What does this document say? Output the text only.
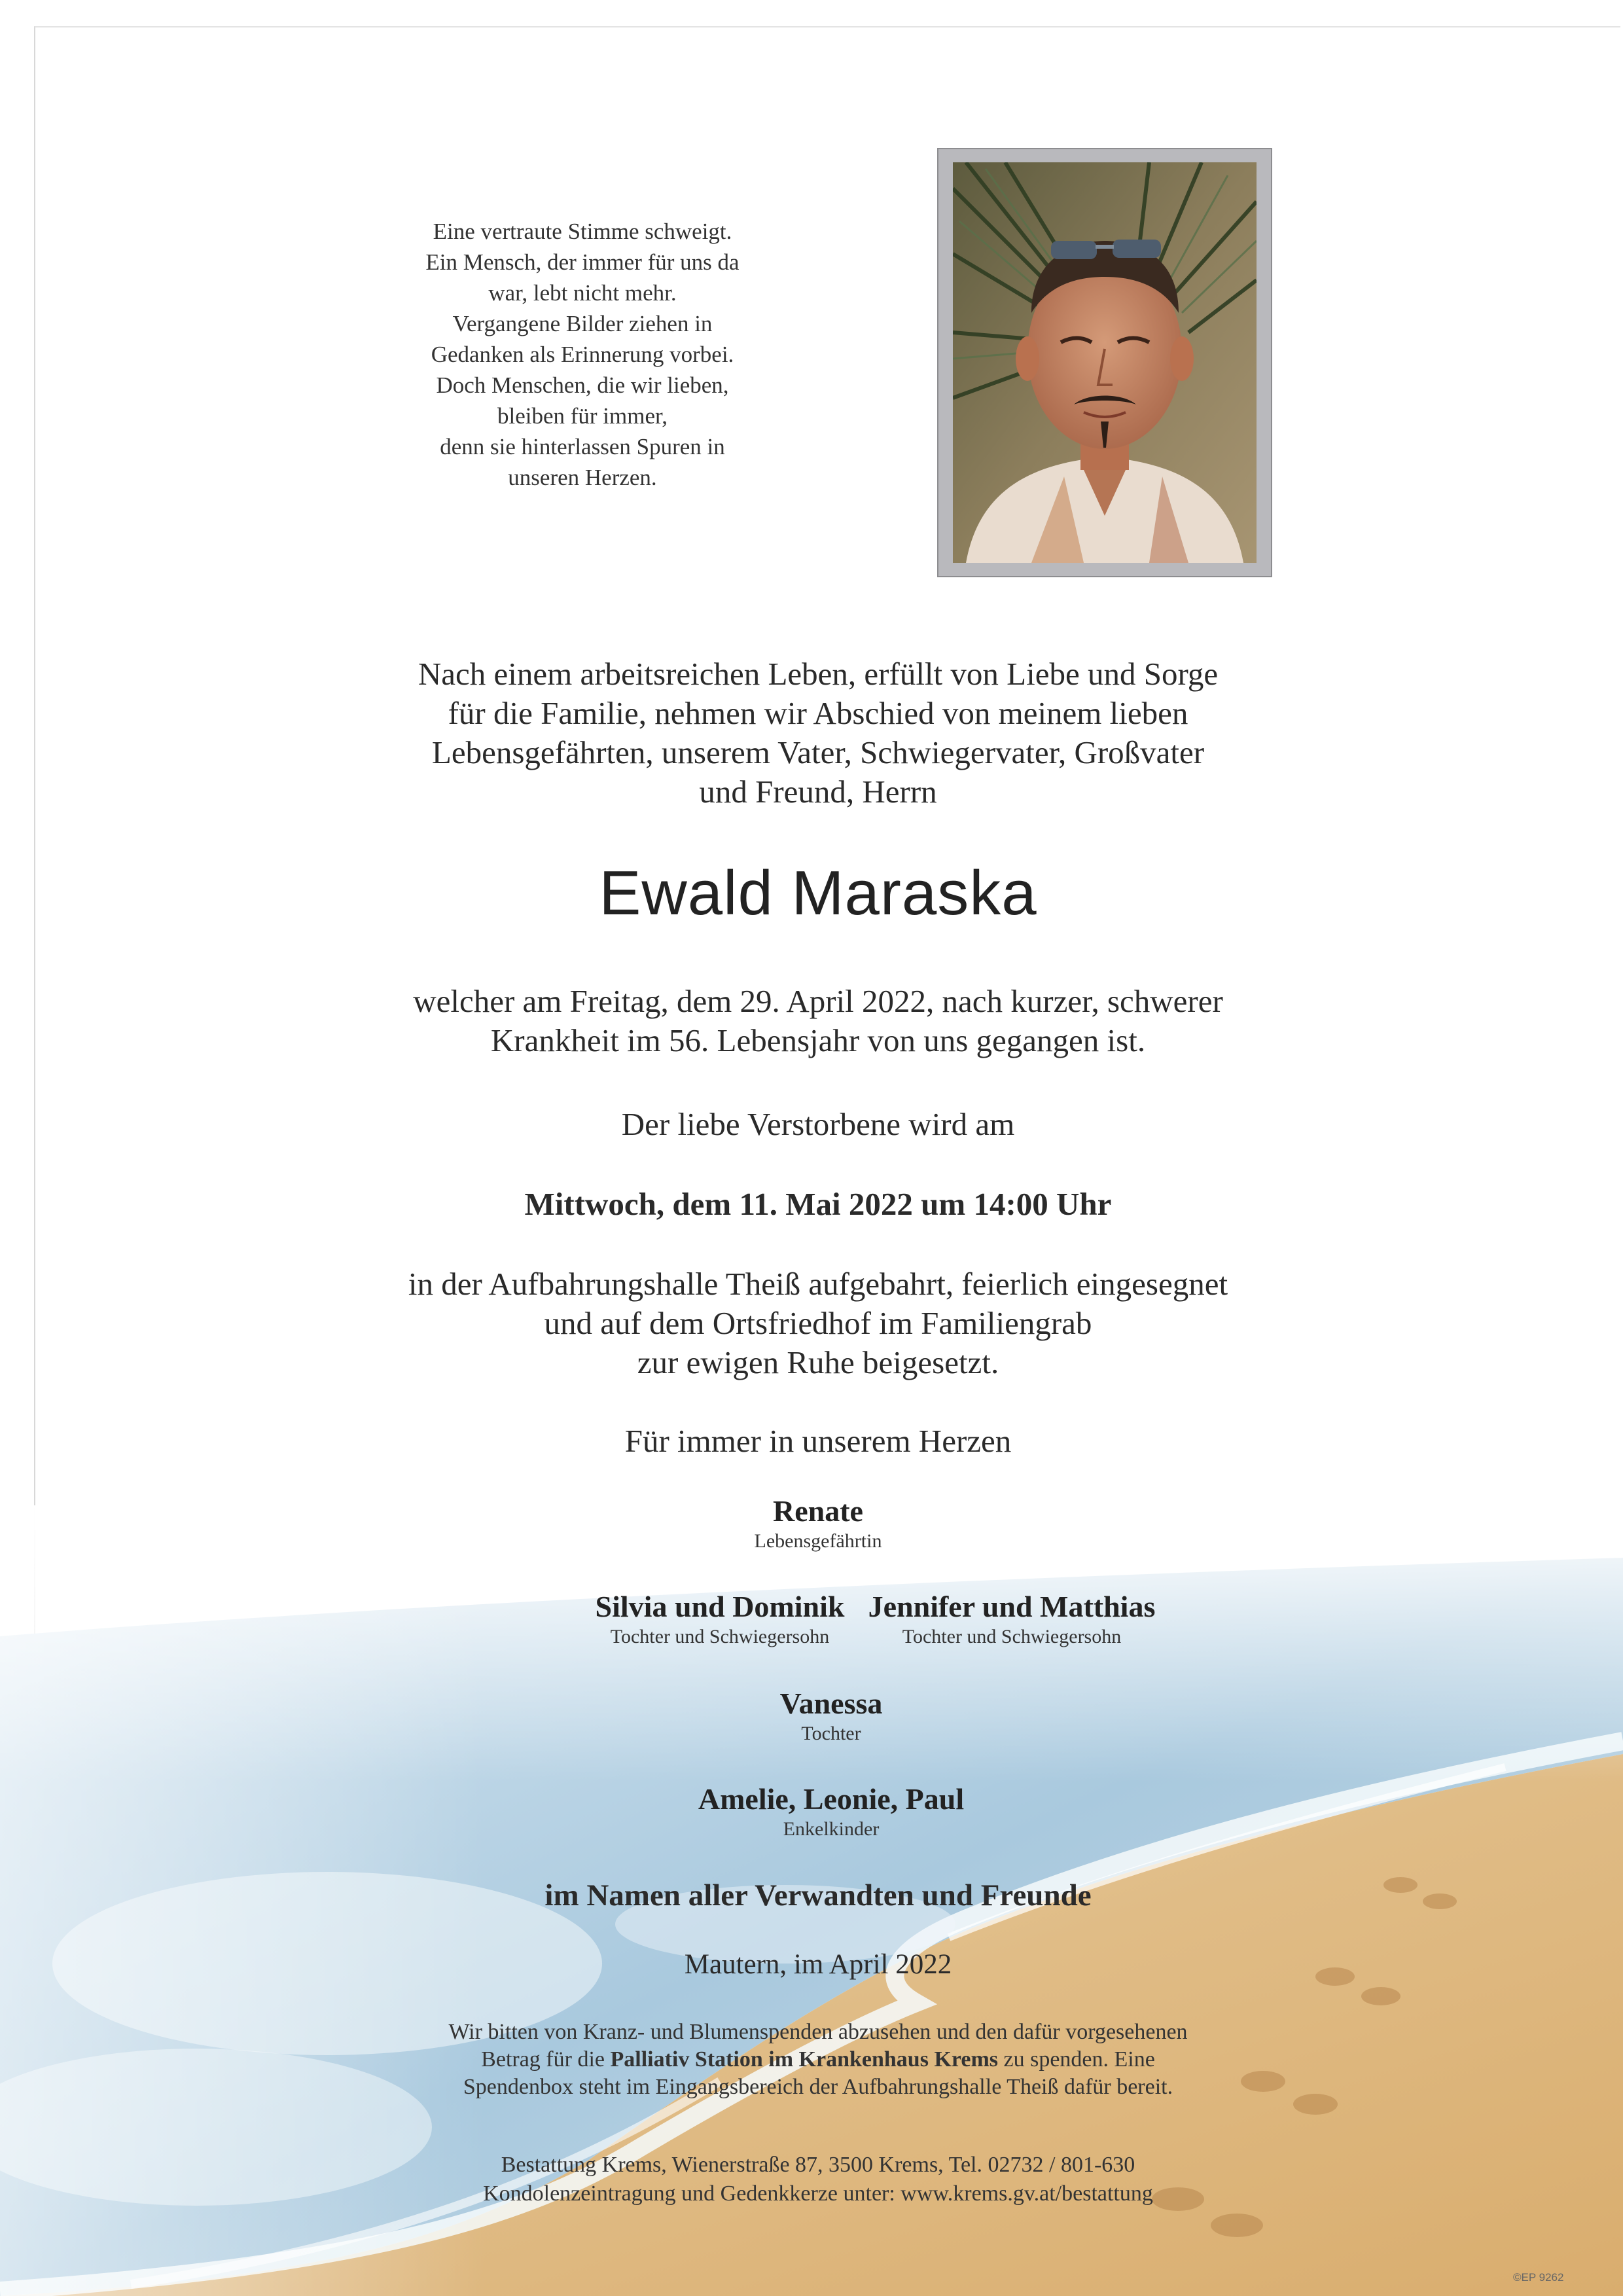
Eine vertraute Stimme schweigt.
Ein Mensch, der immer für uns da
war, lebt nicht mehr.
Vergangene Bilder ziehen in
Gedanken als Erinnerung vorbei.
Doch Menschen, die wir lieben,
bleiben für immer,
denn sie hinterlassen Spuren in
unseren Herzen.
Nach einem arbeitsreichen Leben, erfüllt von Liebe und Sorge
für die Familie, nehmen wir Abschied von meinem lieben
Lebensgefährten, unserem Vater, Schwiegervater, Großvater
und Freund, Herrn
Ewald Maraska
welcher am Freitag, dem 29. April 2022, nach kurzer, schwerer
Krankheit im 56. Lebensjahr von uns gegangen ist.
Der liebe Verstorbene wird am
Mittwoch, dem 11. Mai 2022 um 14:00 Uhr
in der Aufbahrungshalle Theiß aufgebahrt, feierlich eingesegnet
und auf dem Ortsfriedhof im Familiengrab
zur ewigen Ruhe beigesetzt.
Für immer in unserem Herzen
Renate
Lebensgefährtin
Silvia und Dominik
Tochter und Schwiegersohn
Jennifer und Matthias
Tochter und Schwiegersohn
Vanessa
Tochter
Amelie, Leonie, Paul
Enkelkinder
im Namen aller Verwandten und Freunde
Mautern, im April 2022
Wir bitten von Kranz- und Blumenspenden abzusehen und den dafür vorgesehenen
Betrag für die Palliativ Station im Krankenhaus Krems zu spenden. Eine
Spendenbox steht im Eingangsbereich der Aufbahrungshalle Theiß dafür bereit.
Bestattung Krems, Wienerstraße 87, 3500 Krems, Tel. 02732 / 801-630
Kondolenzeintragung und Gedenkkerze unter: www.krems.gv.at/bestattung
©EP 9262
